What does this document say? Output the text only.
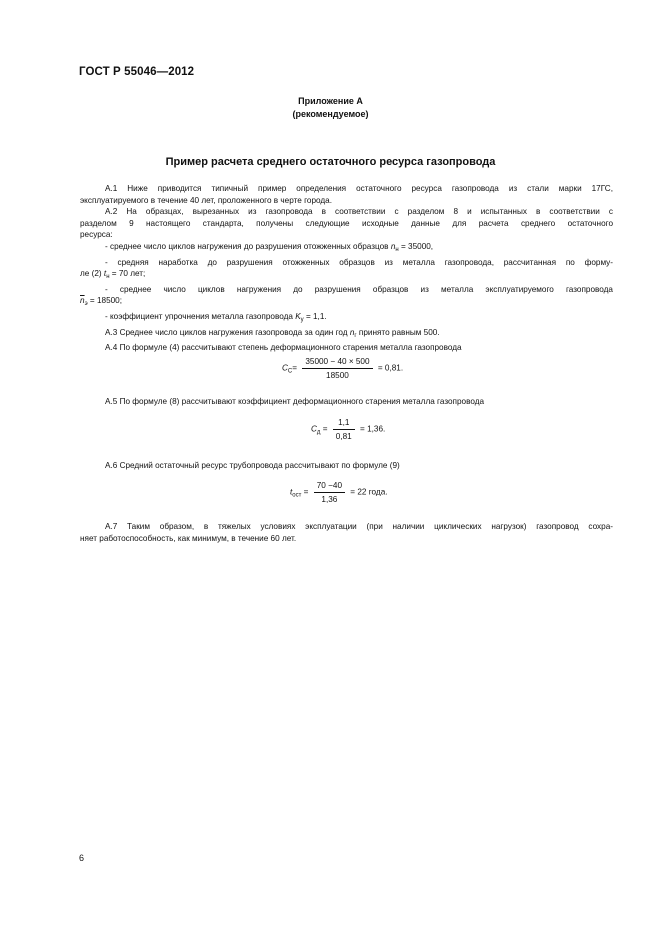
ГОСТ Р 55046—2012
Приложение А
(рекомендуемое)
Пример расчета среднего остаточного ресурса газопровода
А.1 Ниже приводится типичный пример определения остаточного ресурса газопровода из стали марки 17ГС,
эксплуатируемого в течение 40 лет, проложенного в черте города.
А.2 На образцах, вырезанных из газопровода в соответствии с разделом 8 и испытанных в соответствии с
разделом 9 настоящего стандарта, получены следующие исходные данные для расчета среднего остаточного
ресурса:
- среднее число циклов нагружения до разрушения отожженных образцов $n_н = 35000$,
- средняя наработка до разрушения отожженных образцов из металла газопровода, рассчитанная по форму-
ле (2) $t_н = 70$ лет;
- среднее число циклов нагружения до разрушения образцов из металла эксплуатируемого газопровода
$\overline{n}_э = 18500$;
- коэффициент упрочнения металла газопровода $K_у = 1,1$.
А.3 Среднее число циклов нагружения газопровода за один год $n_г$ принято равным 500.
А.4 По формуле (4) рассчитывают степень деформационного старения металла газопровода
$C_С= \frac{35000 - 40 \times 500}{18500} = 0,81$.
А.5 По формуле (8) рассчитывают коэффициент деформационного старения металла газопровода
$C_д = \frac{1,1}{0,81} = 1,36$.
А.6 Средний остаточный ресурс трубопровода рассчитывают по формуле (9)
$t_{ост} = \frac{70 -40}{1,36} = 22$ года.
А.7 Таким образом, в тяжелых условиях эксплуатации (при наличии циклических нагрузок) газопровод сохра-
няет работоспособность, как минимум, в течение 60 лет.
6
